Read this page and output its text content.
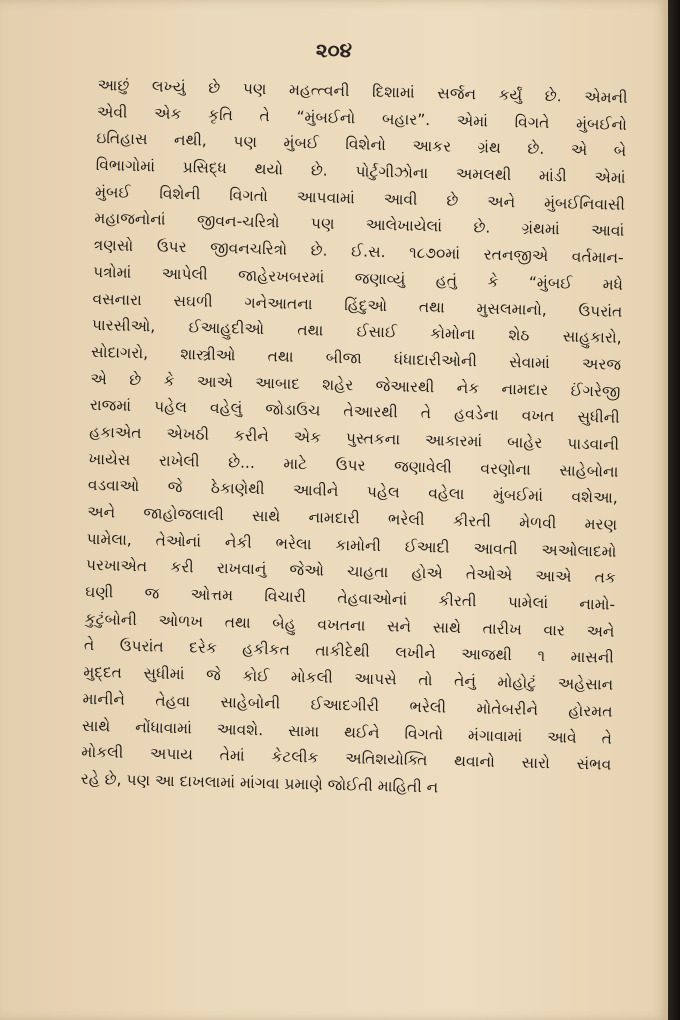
૨૦૪
આછું લખ્યું છે પણ મહત્ત્વની દિશામાં સર્જન કર્યું છે. એમની
એવી એક કૃતિ તે “મુંબઈનો બહાર”. એમાં વિગતે મુંબઈનો
ઇતિહાસ નથી, પણ મુંબઈ વિશેનો આકર ગ્રંથ છે. એ બે
વિભાગોમાં પ્રસિદ્ધ થયો છે. પોર્ટુગીઝોના અમલથી માંડી એમાં
મુંબઈ વિશેની વિગતો આપવામાં આવી છે અને મુંબઈનિવાસી
મહાજનોનાં જીવન-ચરિત્રો પણ આલેખાયેલાં છે. ગ્રંથમાં આવાં
ત્રણસો ઉપર જીવનચરિત્રો છે. ઈ.સ. ૧૮૭૦માં રતનજીએ વર્તમાન-
પત્રોમાં આપેલી જાહેરખબરમાં જણાવ્યું હતું કે “મુંબઈ મધે
વસનારા સઘળી ગનેઆતના હિંદુઓ તથા મુસલમાનો, ઉપરાંત
પારસીઓ, ઈઆહુદીઓ તથા ઈસાઈ કોમોના શેઠ સાહુકારો,
સોદાગરો, શાસ્ત્રીઓ તથા બીજા ધંધાદારીઓની સેવામાં અરજ
એ છે કે આએ આબાદ શહેર જેઆરથી નેક નામદાર ઈંગરેજી
રાજમાં પહેલ વહેલું જોડાઉચ તેઆરથી તે હવડેના વખત સુધીની
હકાએત એખઠી કરીને એક પુસ્તકના આકારમાં બાહેર પાડવાની
ખાયેસ રાખેલી છે... માટે ઉપર જણાવેલી વરણોના સાહેબોના
વડવાઓ જે ઠેકાણેથી આવીને પહેલ વહેલા મુંબઈમાં વશેઆ,
અને જાહોજલાલી સાથે નામદારી ભરેલી કીરતી મેળવી મરણ
પામેલા, તેઓનાં નેકી ભરેલા કામોની ઈઆદી આવતી અઓલાદમો
પરખાએત કરી રાખવાનું જેઓ ચાહતા હોએ તેઓએ આએ તક
ઘણી જ ઓત્તમ વિચારી તેહવાઓનાં કીરતી પામેલાં નામો-
કુટુંબોની ઓળખ તથા બેહુ વખતના સને સાથે તારીખ વાર અને
તે ઉપરાંત દરેક હકીકત તાકીદેથી લખીને આજથી ૧ માસની
મુદ્દત સુધીમાં જે કોઈ મોકલી આપસે તો તેનું મોહોટું અહેસાન
માનીને તેહવા સાહેબોની ઈઆદગીરી ભરેલી મોતેબરીને હોરમત
સાથે નોંધાવામાં આવશે. સામા થઈને વિગતો મંગાવામાં આવે તે
મોકલી અપાય તેમાં કેટલીક અતિશયોક્તિ થવાનો સારો સંભવ
રહે છે, પણ આ દાખલામાં માંગવા પ્રમાણે જોઈતી માહિતી ન
